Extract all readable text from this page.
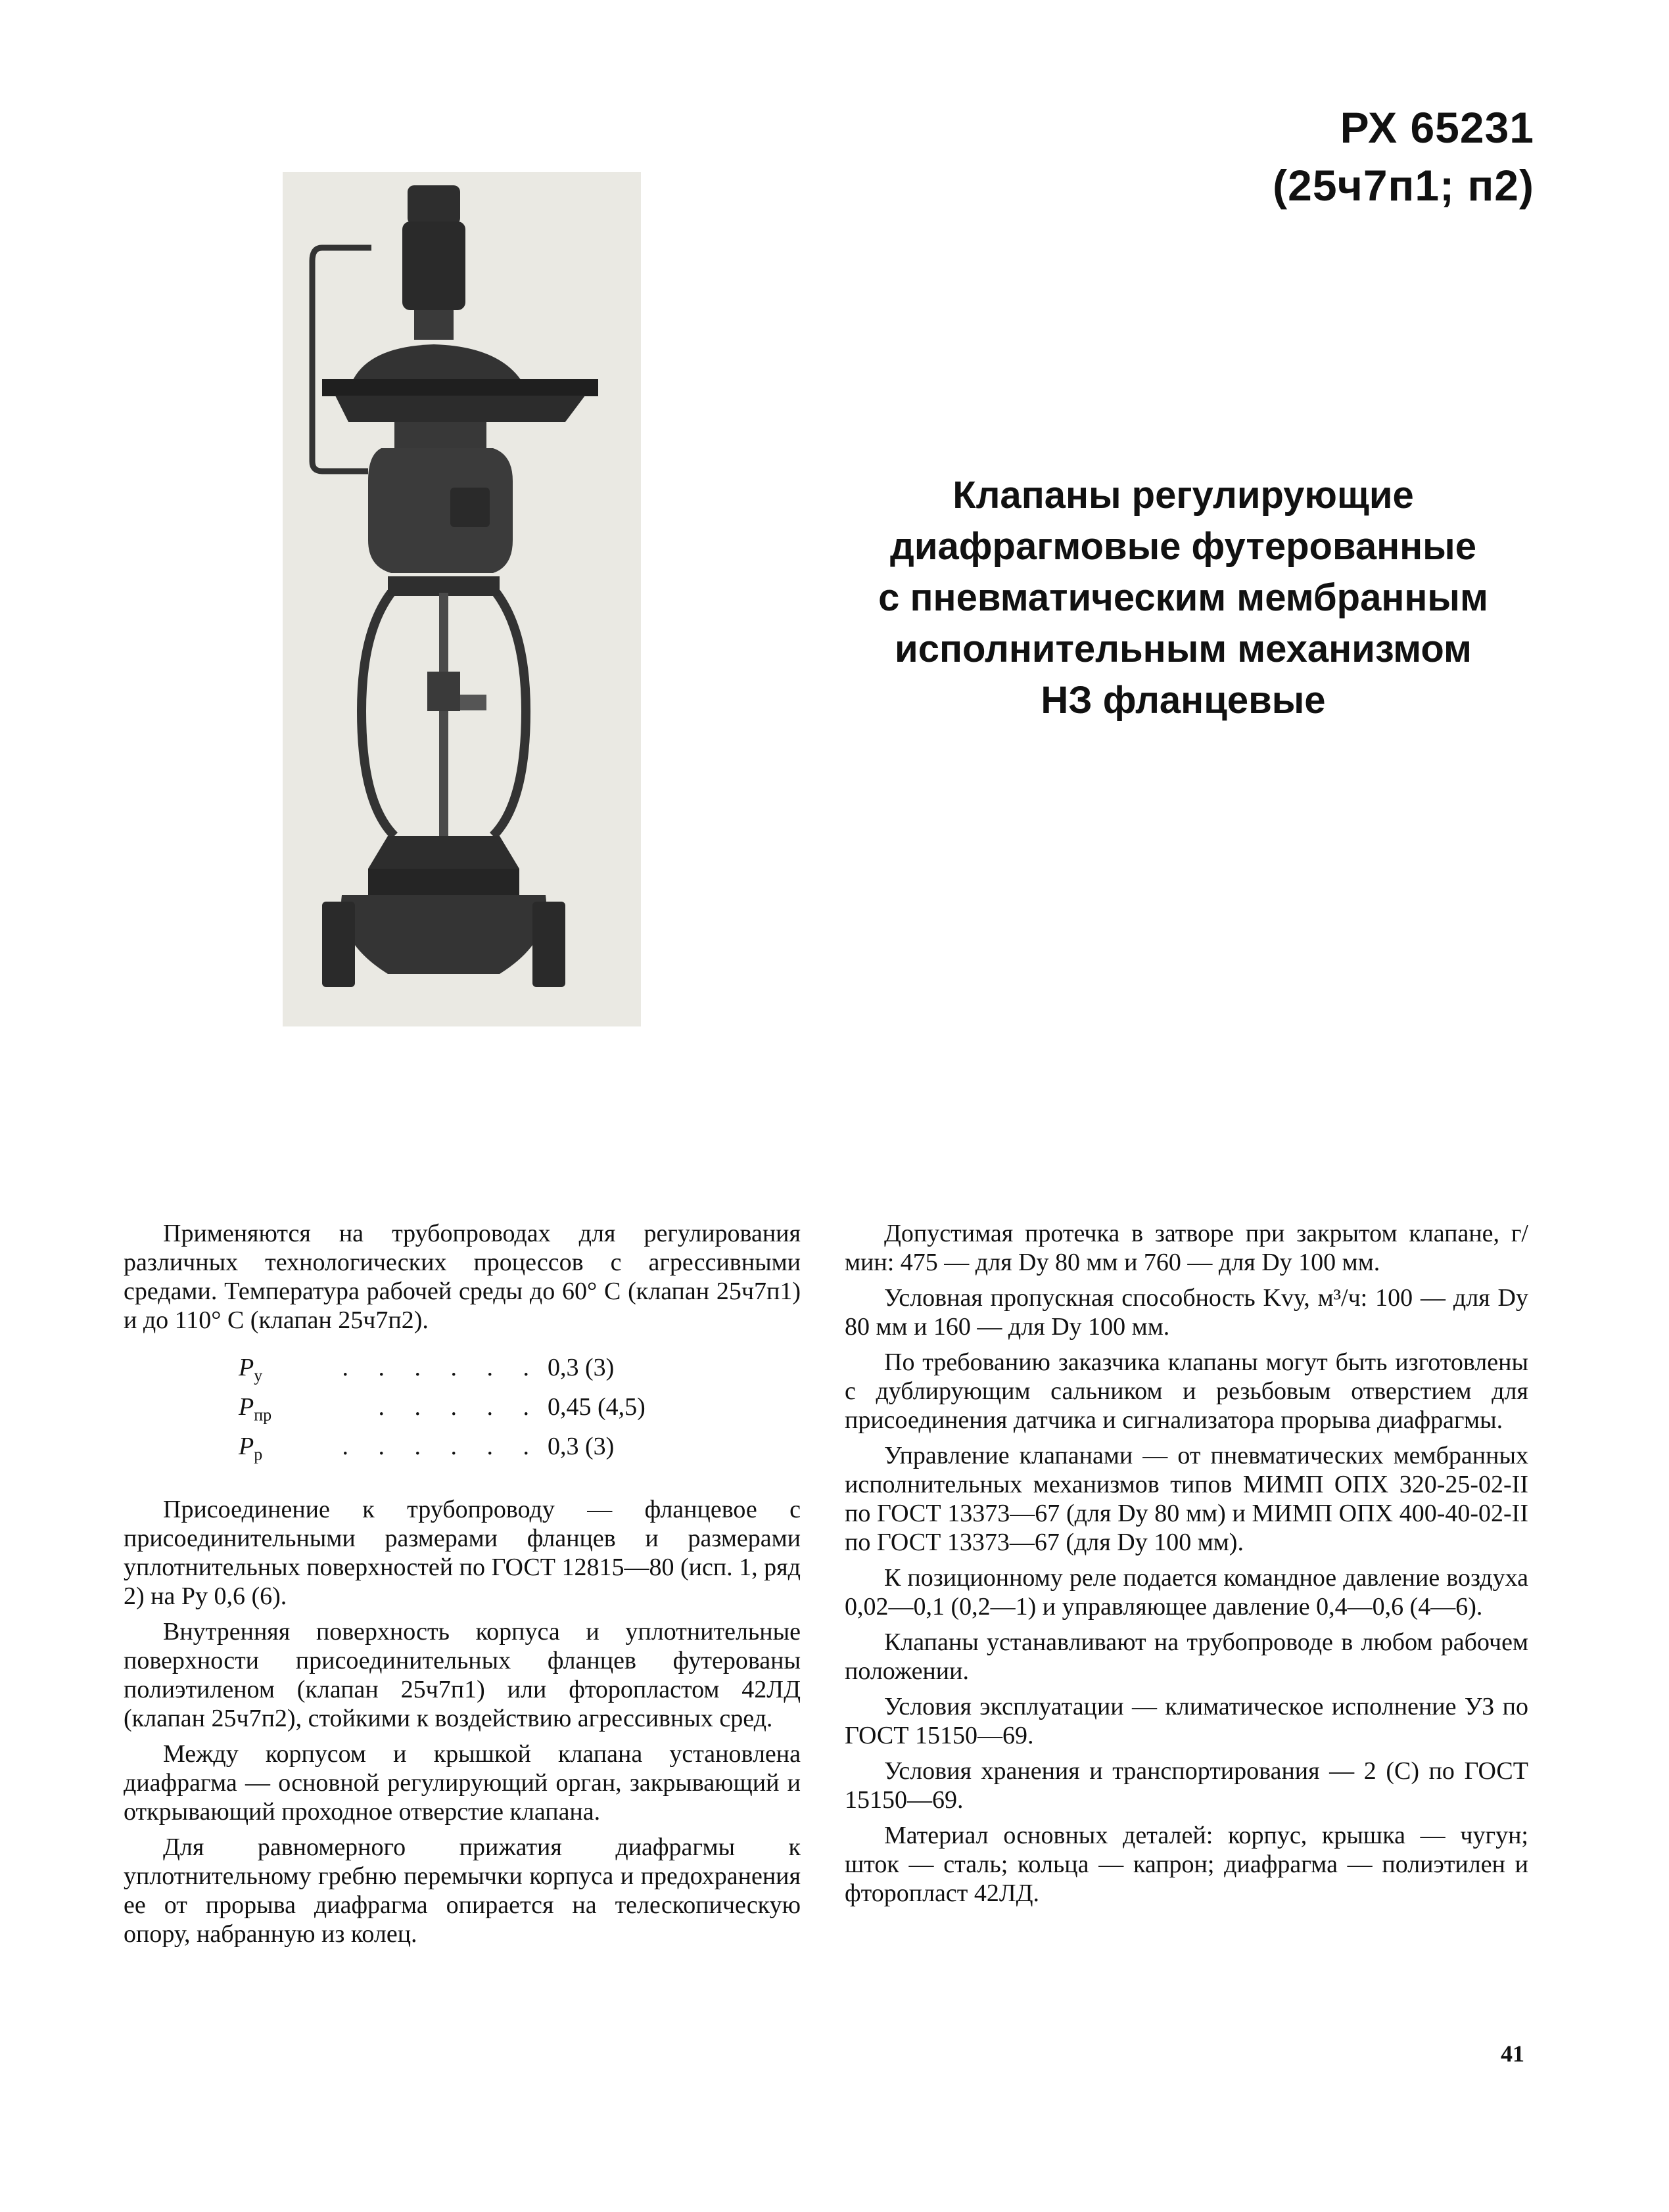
РХ 65231
(25ч7п1; п2)
Клапаны регулирующие
диафрагмовые футерованные
с пневматическим мембранным
исполнительным механизмом
НЗ фланцевые

Применяются на трубопроводах для регулирования различных технологических процессов с агрессивными средами. Температура рабочей среды до 60° С (клапан 25ч7п1) и до 110° С (клапан 25ч7п2).

$P_у$	. . . . . . 0,3 (3)
$P_{пр}$	. . . . . 0,45 (4,5)
$P_р$	. . . . . . 0,3 (3)

Присоединение к трубопроводу — фланцевое с присоединительными размерами фланцев и размерами уплотнительных поверхностей по ГОСТ 12815—80 (исп. 1, ряд 2) на Pу 0,6 (6).

Внутренняя поверхность корпуса и уплотнительные поверхности присоединительных фланцев футерованы полиэтиленом (клапан 25ч7п1) или фторопластом 42ЛД (клапан 25ч7п2), стойкими к воздействию агрессивных сред.

Между корпусом и крышкой клапана установлена диафрагма — основной регулирующий орган, закрывающий и открывающий проходное отверстие клапана.

Для равномерного прижатия диафрагмы к уплотнительному гребню перемычки корпуса и предохранения ее от прорыва диафрагма опирается на телескопическую опору, набранную из колец.

Допустимая протечка в затворе при закрытом клапане, г/мин: 475 — для Dу 80 мм и 760 — для Dу 100 мм.

Условная пропускная способность Kvу, м³/ч: 100 — для Dу 80 мм и 160 — для Dу 100 мм.

По требованию заказчика клапаны могут быть изготовлены с дублирующим сальником и резьбовым отверстием для присоединения датчика и сигнализатора прорыва диафрагмы.

Управление клапанами — от пневматических мембранных исполнительных механизмов типов МИМП ОПХ 320-25-02-II по ГОСТ 13373—67 (для Dу 80 мм) и МИМП ОПХ 400-40-02-II по ГОСТ 13373—67 (для Dу 100 мм).

К позиционному реле подается командное давление воздуха 0,02—0,1 (0,2—1) и управляющее давление 0,4—0,6 (4—6).

Клапаны устанавливают на трубопроводе в любом рабочем положении.

Условия эксплуатации — климатическое исполнение УЗ по ГОСТ 15150—69.

Условия хранения и транспортирования — 2 (С) по ГОСТ 15150—69.

Материал основных деталей: корпус, крышка — чугун; шток — сталь; кольца — капрон; диафрагма — полиэтилен и фторопласт 42ЛД.

41
